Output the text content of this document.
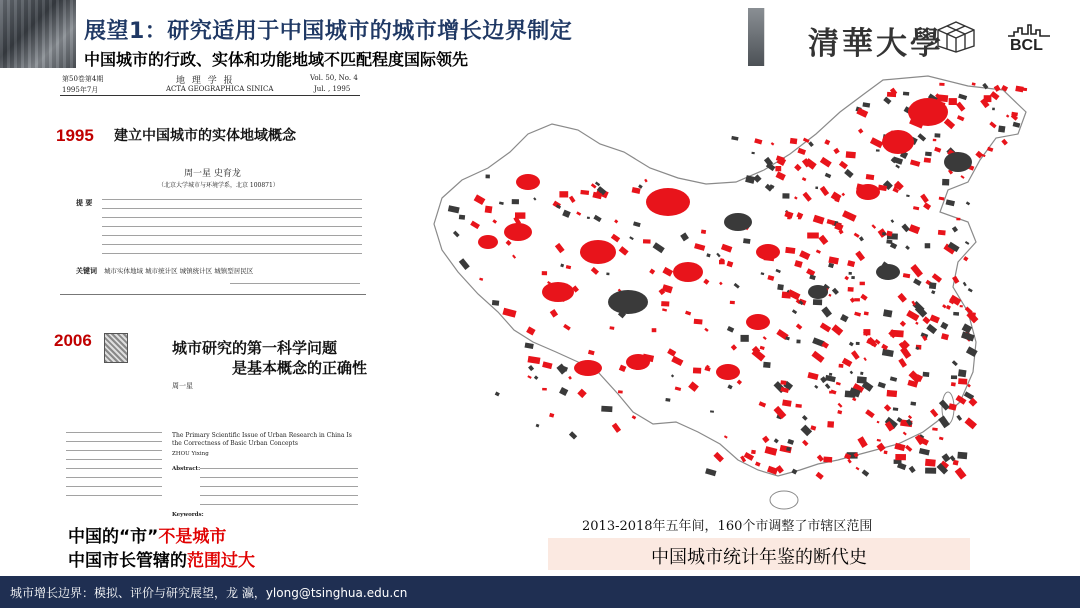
展望1：研究适用于中国城市的城市增长边界制定
中国城市的行政、实体和功能地域不匹配程度国际领先	清華大學	BCL
第50卷第4期
1995年7月
地 理 学 报
ACTA GEOGRAPHICA SINICA
Vol. 50, No. 4
Jul. , 1995
1995 建立中国城市的实体地域概念
周一星 史育龙
（北京大学城市与环境学系，北京 100871）
提 要
关键词 城市实体地域 城市统计区 城镇统计区 城镇型居民区
2006	城市研究的第一科学问题
是基本概念的正确性
周一星
The Primary Scientific Issue of Urban Research in China Is the Correctness of Basic Urban Concepts
ZHOU Yixing
Abstract:
Keywords:
中国的“市”不是城市
中国市长管辖的范围过大
2013-2018年五年间，160个市调整了市辖区范围
中国城市统计年鉴的断代史
城市增长边界：模拟、评价与研究展望，龙 瀛，ylong@tsinghua.edu.cn
